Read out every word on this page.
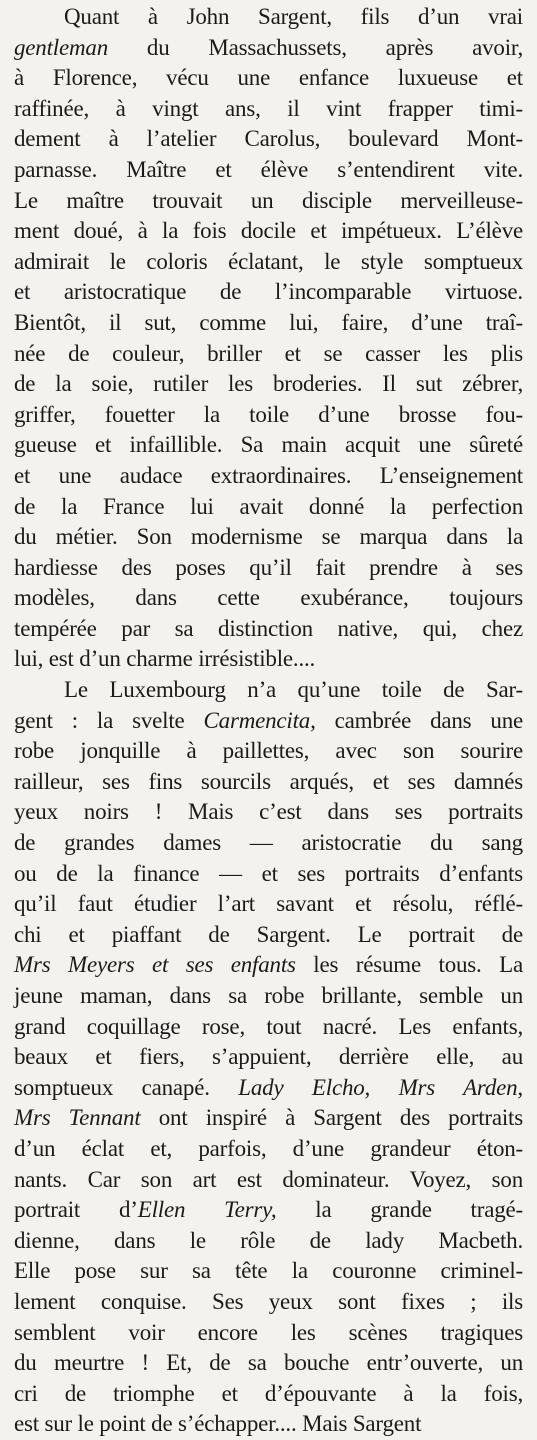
Quant à John Sargent, fils d’un vrai
gentleman du Massachussets, après avoir,
à Florence, vécu une enfance luxueuse et
raffinée, à vingt ans, il vint frapper timi-
dement à l’atelier Carolus, boulevard Mont-
parnasse. Maître et élève s’entendirent vite.
Le maître trouvait un disciple merveilleuse-
ment doué, à la fois docile et impétueux. L’élève
admirait le coloris éclatant, le style somptueux
et aristocratique de l’incomparable virtuose.
Bientôt, il sut, comme lui, faire, d’une traî-
née de couleur, briller et se casser les plis
de la soie, rutiler les broderies. Il sut zébrer,
griffer, fouetter la toile d’une brosse fou-
gueuse et infaillible. Sa main acquit une sûreté
et une audace extraordinaires. L’enseignement
de la France lui avait donné la perfection
du métier. Son modernisme se marqua dans la
hardiesse des poses qu’il fait prendre à ses
modèles, dans cette exubérance, toujours
tempérée par sa distinction native, qui, chez
lui, est d’un charme irrésistible....
Le Luxembourg n’a qu’une toile de Sar-
gent : la svelte Carmencita, cambrée dans une
robe jonquille à paillettes, avec son sourire
railleur, ses fins sourcils arqués, et ses damnés
yeux noirs ! Mais c’est dans ses portraits
de grandes dames — aristocratie du sang
ou de la finance — et ses portraits d’enfants
qu’il faut étudier l’art savant et résolu, réflé-
chi et piaffant de Sargent. Le portrait de
Mrs Meyers et ses enfants les résume tous. La
jeune maman, dans sa robe brillante, semble un
grand coquillage rose, tout nacré. Les enfants,
beaux et fiers, s’appuient, derrière elle, au
somptueux canapé. Lady Elcho, Mrs Arden,
Mrs Tennant ont inspiré à Sargent des portraits
d’un éclat et, parfois, d’une grandeur éton-
nants. Car son art est dominateur. Voyez, son
portrait d’Ellen Terry, la grande tragé-
dienne, dans le rôle de lady Macbeth.
Elle pose sur sa tête la couronne criminel-
lement conquise. Ses yeux sont fixes ; ils
semblent voir encore les scènes tragiques
du meurtre ! Et, de sa bouche entr’ouverte, un
cri de triomphe et d’épouvante à la fois,
est sur le point de s’échapper.... Mais Sargent
